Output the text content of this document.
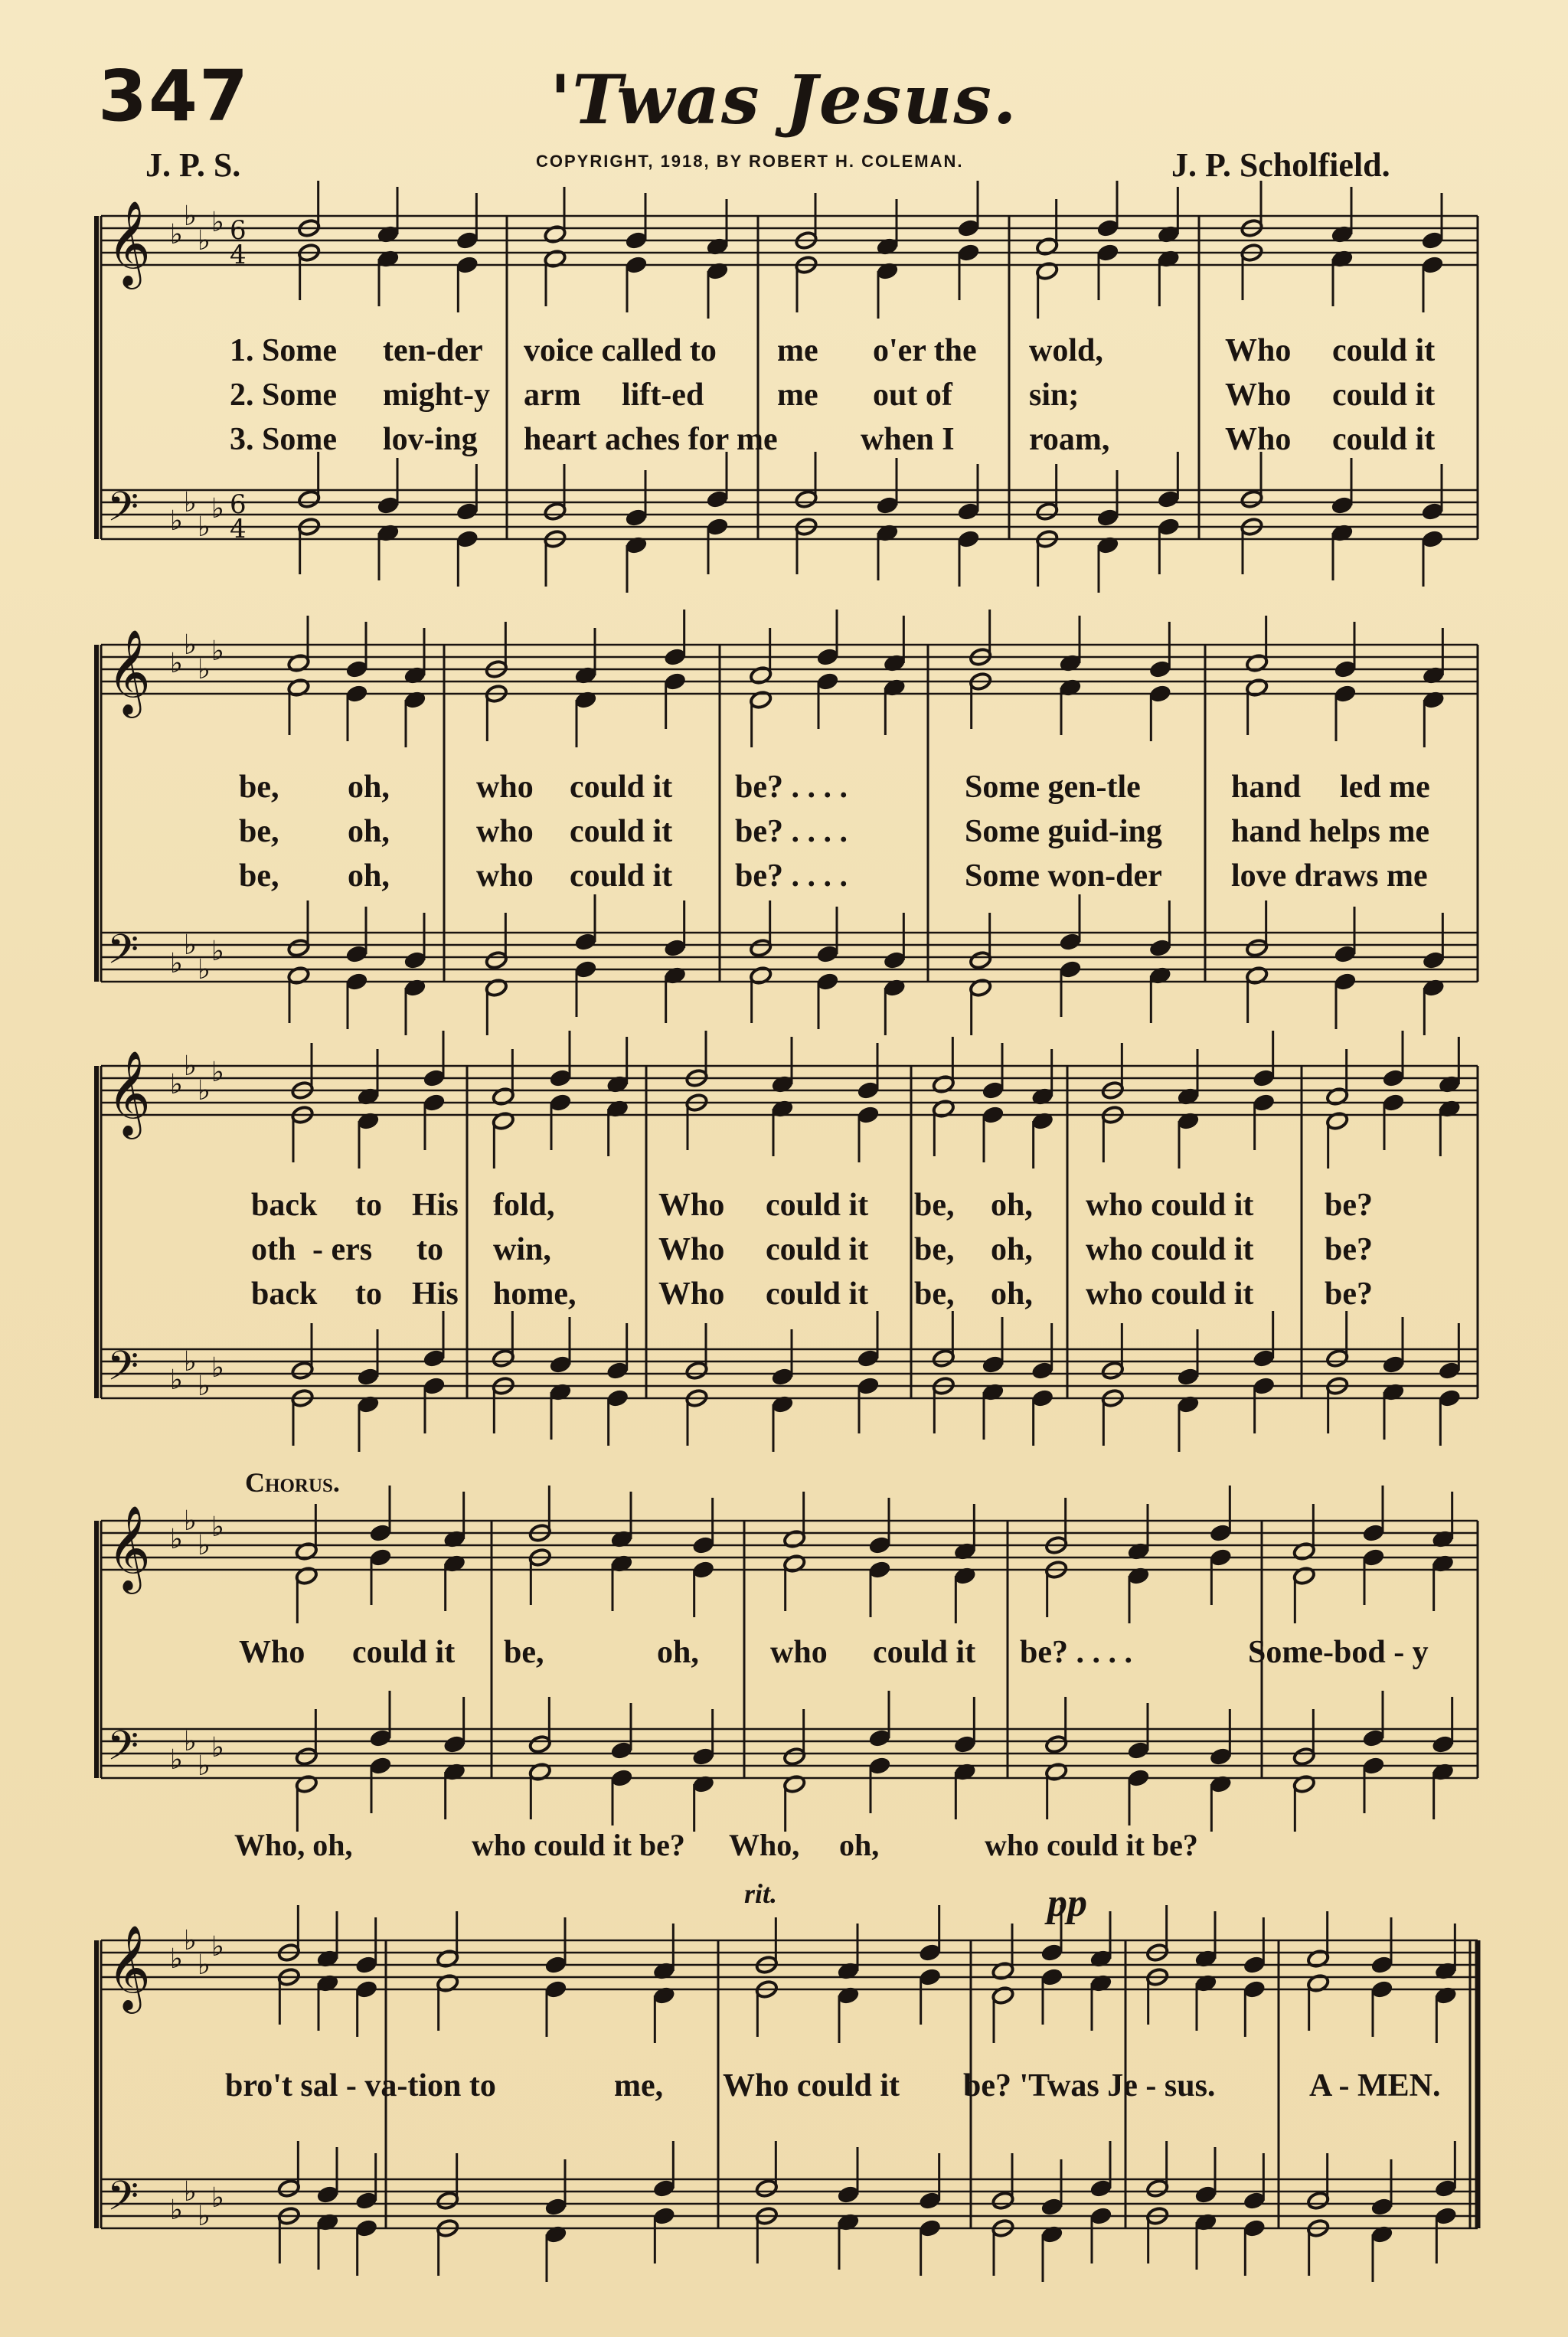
347	'Twas Jesus.
J. P. S.	COPYRIGHT, 1918, BY ROBERT H. COLEMAN.	J. P. Scholfield.
𝄞
𝄢
♭
♭
♭
♭
♭
♭
♭
♭
6
4
6
4
𝄞
𝄢
♭
♭
♭
♭
♭
♭
♭
♭
𝄞
𝄢
♭
♭
♭
♭
♭
♭
♭
♭
𝄞
𝄢
♭
♭
♭
♭
♭
♭
♭
♭
𝄞
𝄢
♭
♭
♭
♭
♭
♭
♭
♭
1. Some ten-der voice called to me o'er the wold,	Who could it
2. Some might-y arm lift-ed me out of sin;	Who could it
3. Some lov-ing heart aches for me	when I roam,	Who could it
be, oh,	who could it be? . . . .	Some gen-tle	hand led me
be, oh,	who could it be? . . . .	Some guid-ing hand helps me
be, oh,	who could it be? . . . .	Some won-der love draws me
back to His fold,	Who could it be, oh, who could it be?
oth - ers to win,	Who could it be, oh, who could it be?
back to His home,	Who could it be, oh, who could it be?
Chorus.
Who could it be,	oh, who could it be? . . . .	Some-bod - y
Who, oh,	who could it be? Who, oh,	who could it be?
bro't sal - va-tion to	me, Who could it be? 'Twas Je - sus.	A - MEN.
rit.	pp
